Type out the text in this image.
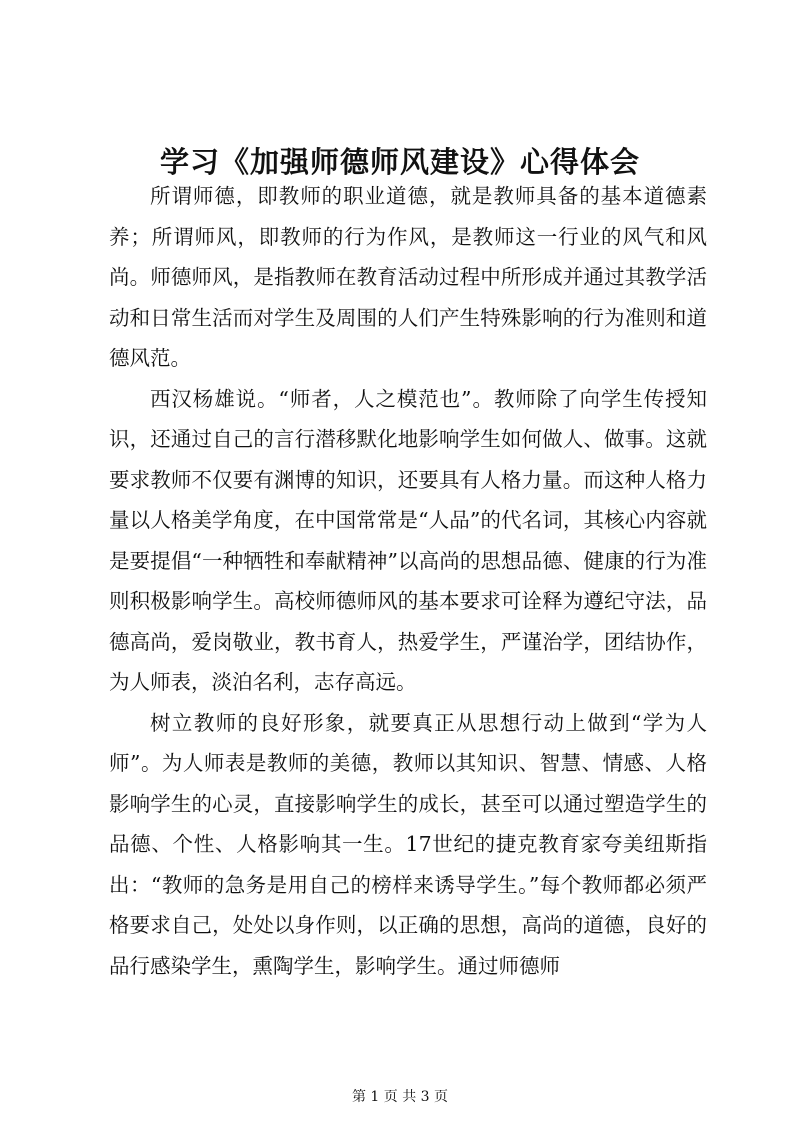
学习《加强师德师风建设》心得体会

所谓师德，即教师的职业道德，就是教师具备的基本道德素养；所谓师风，即教师的行为作风，是教师这一行业的风气和风尚。师德师风，是指教师在教育活动过程中所形成并通过其教学活动和日常生活而对学生及周围的人们产生特殊影响的行为准则和道德风范。

西汉杨雄说。“师者，人之模范也”。教师除了向学生传授知识，还通过自己的言行潜移默化地影响学生如何做人、做事。这就要求教师不仅要有渊博的知识，还要具有人格力量。而这种人格力量以人格美学角度，在中国常常是“人品”的代名词，其核心内容就是要提倡“一种牺牲和奉献精神”以高尚的思想品德、健康的行为准则积极影响学生。高校师德师风的基本要求可诠释为遵纪守法，品德高尚，爱岗敬业，教书育人，热爱学生，严谨治学，团结协作，为人师表，淡泊名利，志存高远。

树立教师的良好形象，就要真正从思想行动上做到“学为人师”。为人师表是教师的美德，教师以其知识、智慧、情感、人格影响学生的心灵，直接影响学生的成长，甚至可以通过塑造学生的品德、个性、人格影响其一生。17世纪的捷克教育家夸美纽斯指出：“教师的急务是用自己的榜样来诱导学生。”每个教师都必须严格要求自己，处处以身作则，以正确的思想，高尚的道德，良好的品行感染学生，熏陶学生，影响学生。通过师德师

第 1 页 共 3 页
